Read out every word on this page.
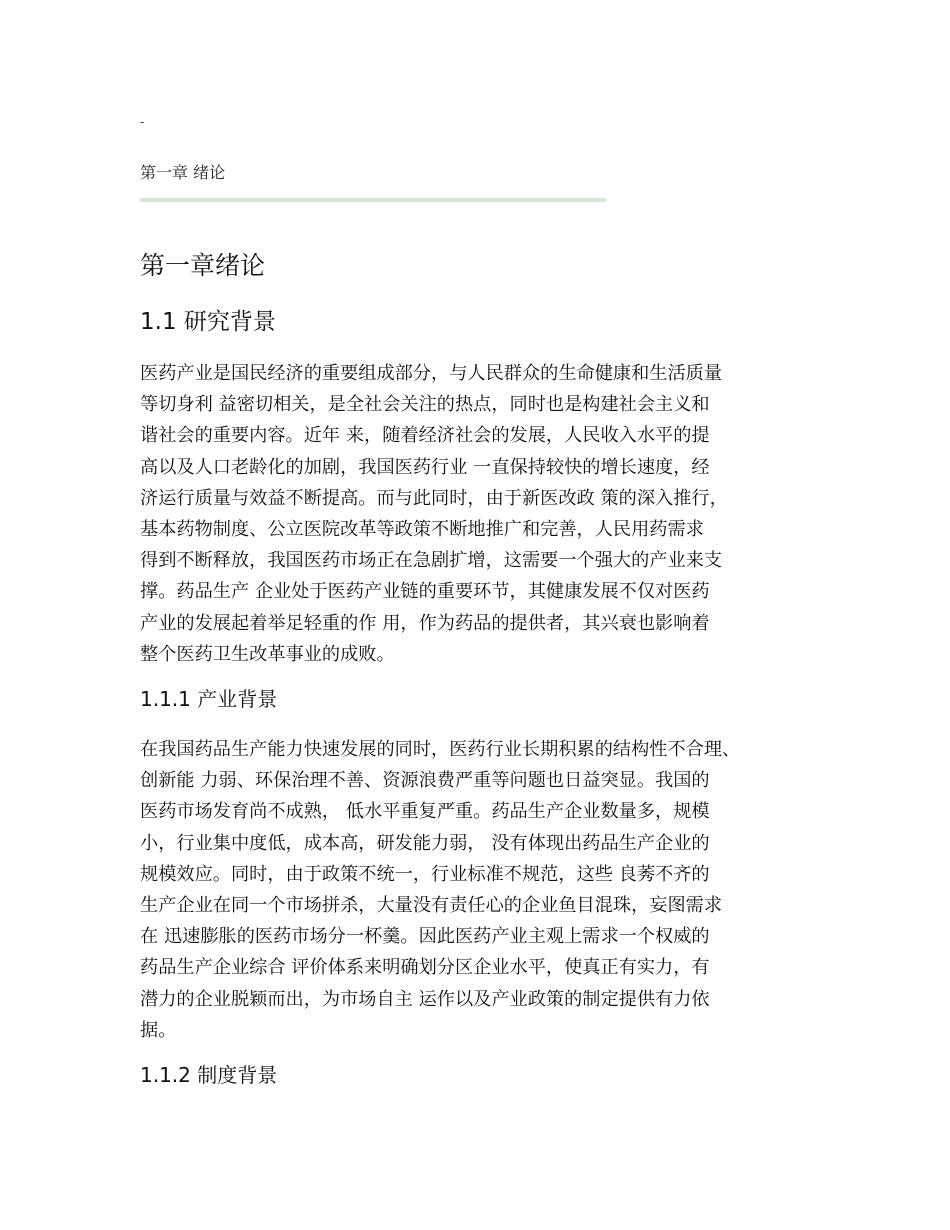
-
第一章 绪论
第一章绪论
1.1 研究背景
医药产业是国民经济的重要组成部分，与人民群众的生命健康和生活质量
等切身利 益密切相关，是全社会关注的热点，同时也是构建社会主义和
谐社会的重要内容。近年 来，随着经济社会的发展，人民收入水平的提
高以及人口老龄化的加剧，我国医药行业 一直保持较快的增长速度，经
济运行质量与效益不断提高。而与此同时，由于新医改政 策的深入推行，
基本药物制度、公立医院改革等政策不断地推广和完善，人民用药需求
得到不断释放，我国医药市场正在急剧扩增，这需要一个强大的产业来支
撑。药品生产 企业处于医药产业链的重要环节，其健康发展不仅对医药
产业的发展起着举足轻重的作 用，作为药品的提供者，其兴衰也影响着
整个医药卫生改革事业的成败。
1.1.1 产业背景
在我国药品生产能力快速发展的同时，医药行业长期积累的结构性不合理、
创新能 力弱、环保治理不善、资源浪费严重等问题也日益突显。我国的
医药市场发育尚不成熟， 低水平重复严重。药品生产企业数量多，规模
小，行业集中度低，成本高，研发能力弱， 没有体现出药品生产企业的
规模效应。同时，由于政策不统一，行业标准不规范，这些 良莠不齐的
生产企业在同一个市场拼杀，大量没有责任心的企业鱼目混珠，妄图需求
在 迅速膨胀的医药市场分一杯羹。因此医药产业主观上需求一个权威的
药品生产企业综合 评价体系来明确划分区企业水平，使真正有实力，有
潜力的企业脱颖而出，为市场自主 运作以及产业政策的制定提供有力依
据。
1.1.2 制度背景
